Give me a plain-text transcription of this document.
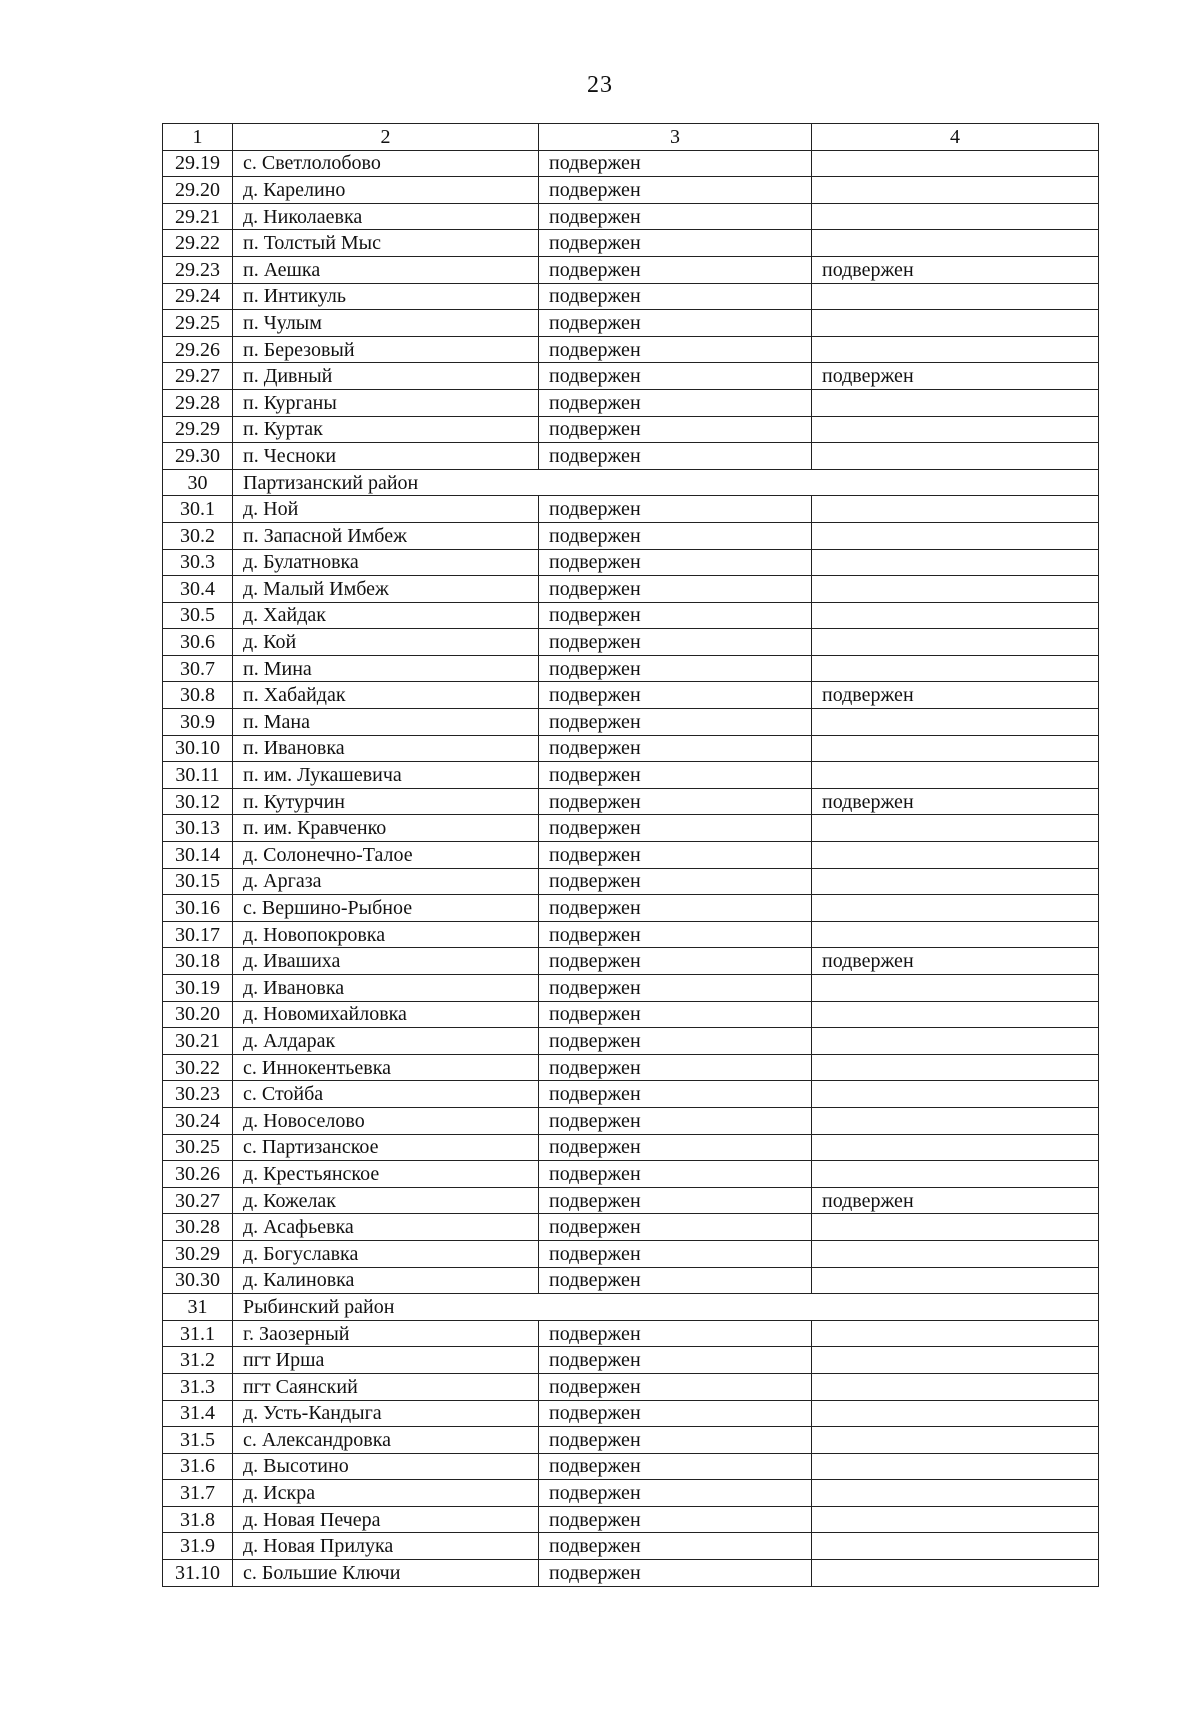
23
1	2	3	4
29.19	с. Светлолобово	подвержен	
29.20	д. Карелино	подвержен	
29.21	д. Николаевка	подвержен	
29.22	п. Толстый Мыс	подвержен	
29.23	п. Аешка	подвержен	подвержен
29.24	п. Интикуль	подвержен	
29.25	п. Чулым	подвержен	
29.26	п. Березовый	подвержен	
29.27	п. Дивный	подвержен	подвержен
29.28	п. Курганы	подвержен	
29.29	п. Куртак	подвержен	
29.30	п. Чесноки	подвержен	
30	Партизанский район		
30.1	д. Ной	подвержен	
30.2	п. Запасной Имбеж	подвержен	
30.3	д. Булатновка	подвержен	
30.4	д. Малый Имбеж	подвержен	
30.5	д. Хайдак	подвержен	
30.6	д. Кой	подвержен	
30.7	п. Мина	подвержен	
30.8	п. Хабайдак	подвержен	подвержен
30.9	п. Мана	подвержен	
30.10	п. Ивановка	подвержен	
30.11	п. им. Лукашевича	подвержен	
30.12	п. Кутурчин	подвержен	подвержен
30.13	п. им. Кравченко	подвержен	
30.14	д. Солонечно-Талое	подвержен	
30.15	д. Аргаза	подвержен	
30.16	с. Вершино-Рыбное	подвержен	
30.17	д. Новопокровка	подвержен	
30.18	д. Ивашиха	подвержен	подвержен
30.19	д. Ивановка	подвержен	
30.20	д. Новомихайловка	подвержен	
30.21	д. Алдарак	подвержен	
30.22	с. Иннокентьевка	подвержен	
30.23	с. Стойба	подвержен	
30.24	д. Новоселово	подвержен	
30.25	с. Партизанское	подвержен	
30.26	д. Крестьянское	подвержен	
30.27	д. Кожелак	подвержен	подвержен
30.28	д. Асафьевка	подвержен	
30.29	д. Богуславка	подвержен	
30.30	д. Калиновка	подвержен	
31	Рыбинский район		
31.1	г. Заозерный	подвержен	
31.2	пгт Ирша	подвержен	
31.3	пгт Саянский	подвержен	
31.4	д. Усть-Кандыга	подвержен	
31.5	с. Александровка	подвержен	
31.6	д. Высотино	подвержен	
31.7	д. Искра	подвержен	
31.8	д. Новая Печера	подвержен	
31.9	д. Новая Прилука	подвержен	
31.10	с. Большие Ключи	подвержен	
